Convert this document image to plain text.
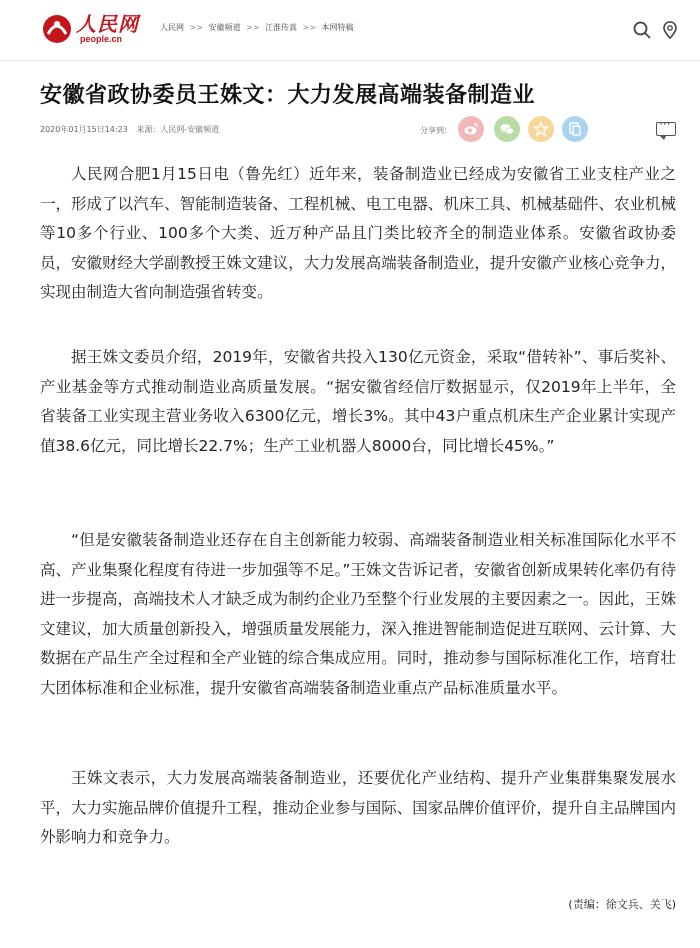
人民网
people.cn
人民网 >> 安徽频道 >> 江淮传真 >> 本网特稿
安徽省政协委员王姝文：大力发展高端装备制造业
2020年01月15日14:23 来源：人民网-安徽频道	分享到：
···

人民网合肥1月15日电（鲁先红）近年来，装备制造业已经成为安徽省工业支柱产业之一，形成了以汽车、智能制造装备、工程机械、电工电器、机床工具、机械基础件、农业机械等10多个行业、100多个大类、近万种产品且门类比较齐全的制造业体系。安徽省政协委员，安徽财经大学副教授王姝文建议，大力发展高端装备制造业，提升安徽产业核心竞争力，实现由制造大省向制造强省转变。

据王姝文委员介绍，2019年，安徽省共投入130亿元资金，采取“借转补”、事后奖补、产业基金等方式推动制造业高质量发展。“据安徽省经信厅数据显示，仅2019年上半年，全省装备工业实现主营业务收入6300亿元，增长3%。其中43户重点机床生产企业累计实现产值38.6亿元，同比增长22.7%；生产工业机器人8000台，同比增长45%。”

“但是安徽装备制造业还存在自主创新能力较弱、高端装备制造业相关标准国际化水平不高、产业集聚化程度有待进一步加强等不足。”王姝文告诉记者，安徽省创新成果转化率仍有待进一步提高，高端技术人才缺乏成为制约企业乃至整个行业发展的主要因素之一。因此，王姝文建议，加大质量创新投入，增强质量发展能力，深入推进智能制造促进互联网、云计算、大数据在产品生产全过程和全产业链的综合集成应用。同时，推动参与国际标准化工作，培育壮大团体标准和企业标准，提升安徽省高端装备制造业重点产品标准质量水平。

王姝文表示，大力发展高端装备制造业，还要优化产业结构、提升产业集群集聚发展水平，大力实施品牌价值提升工程，推动企业参与国际、国家品牌价值评价，提升自主品牌国内外影响力和竞争力。

(责编：徐文兵、关飞)
